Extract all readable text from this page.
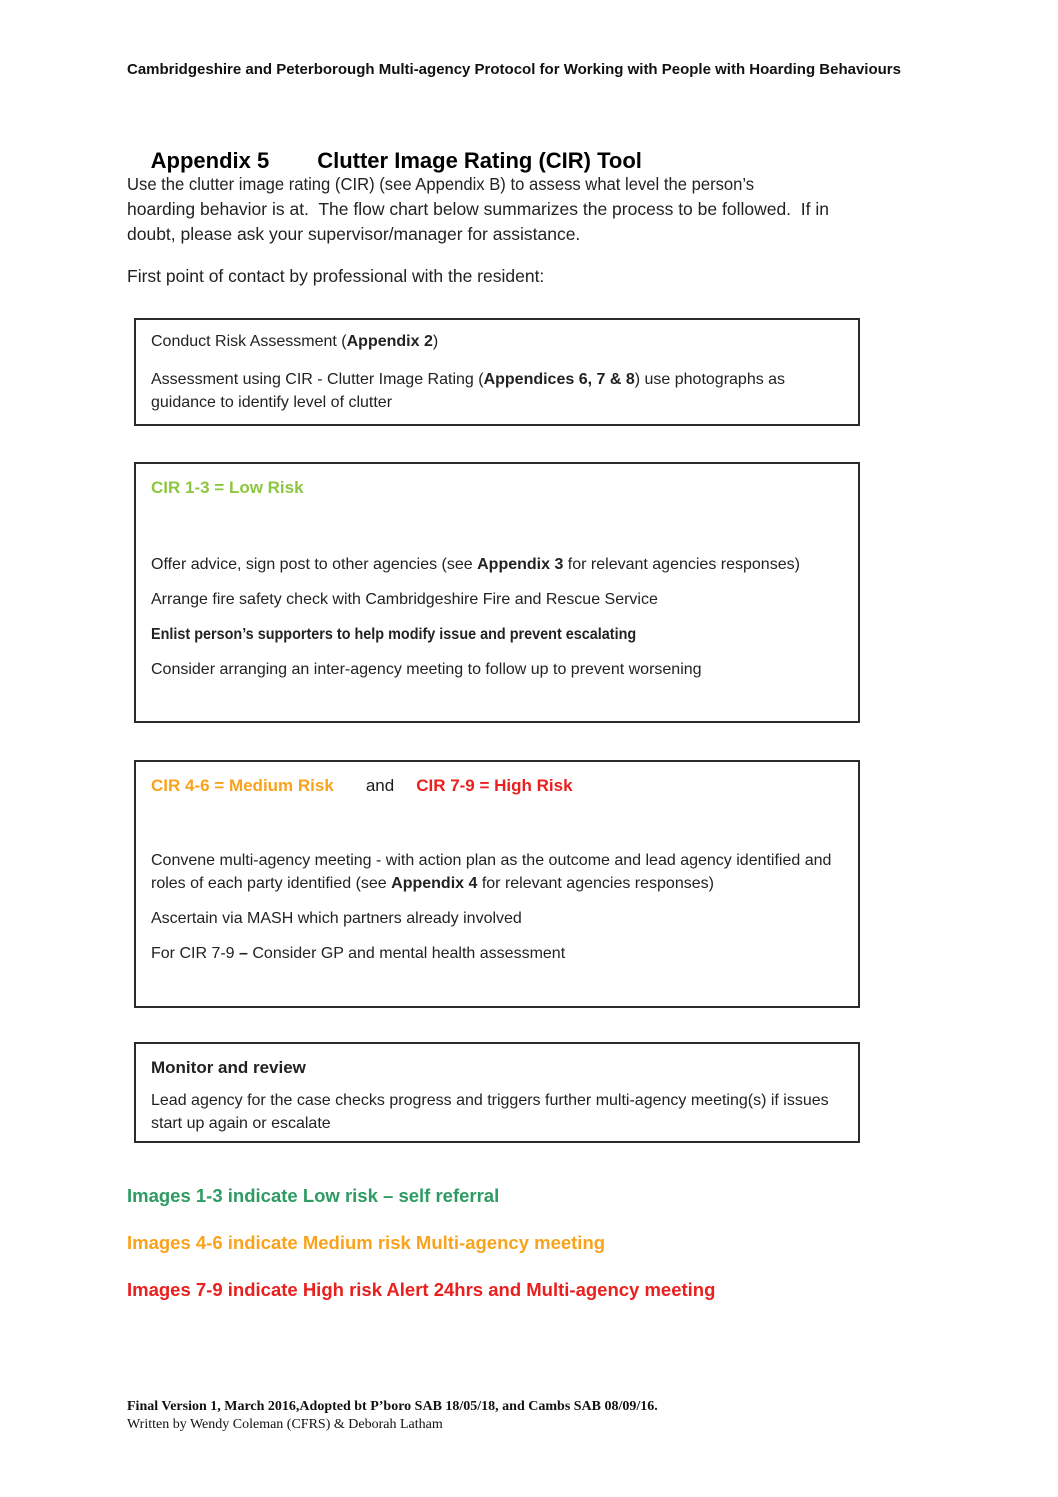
Cambridgeshire and Peterborough Multi-agency Protocol for Working with People with Hoarding Behaviours

Appendix 5 Clutter Image Rating (CIR) Tool

Use the clutter image rating (CIR) (see Appendix B) to assess what level the person’s
hoarding behavior is at.  The flow chart below summarizes the process to be followed.  If in
doubt, please ask your supervisor/manager for assistance.
First point of contact by professional with the resident:

Conduct Risk Assessment (Appendix 2)

Assessment using CIR - Clutter Image Rating (Appendices 6, 7 & 8) use photographs as guidance to identify level of clutter

CIR 1-3 = Low Risk

Offer advice, sign post to other agencies (see Appendix 3 for relevant agencies responses)

Arrange fire safety check with Cambridgeshire Fire and Rescue Service

Enlist person’s supporters to help modify issue and prevent escalating

Consider arranging an inter-agency meeting to follow up to prevent worsening

CIR 4-6 = Medium Risk and CIR 7-9 = High Risk

Convene multi-agency meeting - with action plan as the outcome and lead agency identified and roles of each party identified (see Appendix 4 for relevant agencies responses)

Ascertain via MASH which partners already involved

For CIR 7-9 – Consider GP and mental health assessment

Monitor and review

Lead agency for the case checks progress and triggers further multi-agency meeting(s) if issues start up again or escalate

Images 1-3 indicate Low risk – self referral
Images 4-6 indicate Medium risk Multi-agency meeting
Images 7-9 indicate High risk Alert 24hrs and Multi-agency meeting
Final Version 1, March 2016,Adopted bt P’boro SAB 18/05/18, and Cambs SAB 08/09/16.
Written by Wendy Coleman (CFRS) & Deborah Latham
